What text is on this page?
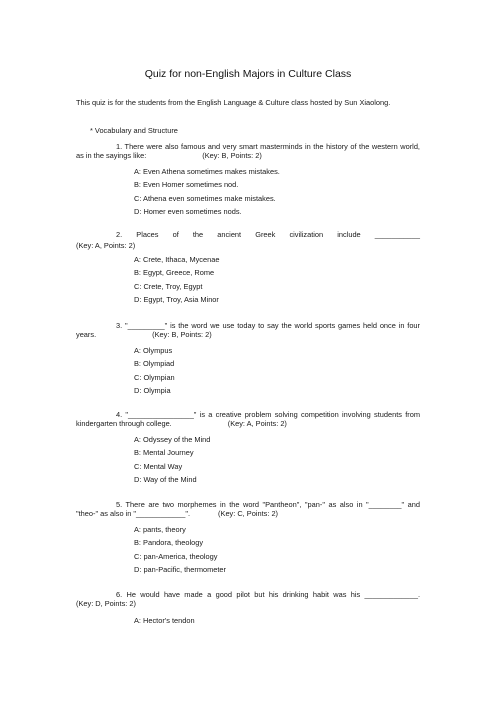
Quiz for non-English Majors in Culture Class
This quiz is for the students from the English Language & Culture class hosted by Sun Xiaolong.
* Vocabulary and Structure
1. There were also famous and very smart masterminds in the history of the western world, as in the sayings like:	(Key: B, Points: 2)
A: Even Athena sometimes makes mistakes.
B: Even Homer sometimes nod.
C: Athena even sometimes make mistakes.
D: Homer even sometimes nods.
2. Places of the ancient Greek civilization include ___________
(Key: A, Points: 2)
A: Crete, Ithaca, Mycenae
B: Egypt, Greece, Rome
C: Crete, Troy, Egypt
D: Egypt, Troy, Asia Minor
3. "_________" is the word we use today to say the world sports games held once in four years.	(Key: B, Points: 2)
A: Olympus
B: Olympiad
C: Olympian
D: Olympia
4. "________________" is a creative problem solving competition involving students from kindergarten through college.	(Key: A, Points: 2)
A: Odyssey of the Mind
B: Mental Journey
C: Mental Way
D: Way of the Mind
5. There are two morphemes in the word "Pantheon", "pan-" as also in "________" and "theo-" as also in "____________".	(Key: C, Points: 2)
A: pants, theory
B: Pandora, theology
C: pan-America, theology
D: pan-Pacific, thermometer
6. He would have made a good pilot but his drinking habit was his _____________. (Key: D, Points: 2)
A: Hector's tendon
